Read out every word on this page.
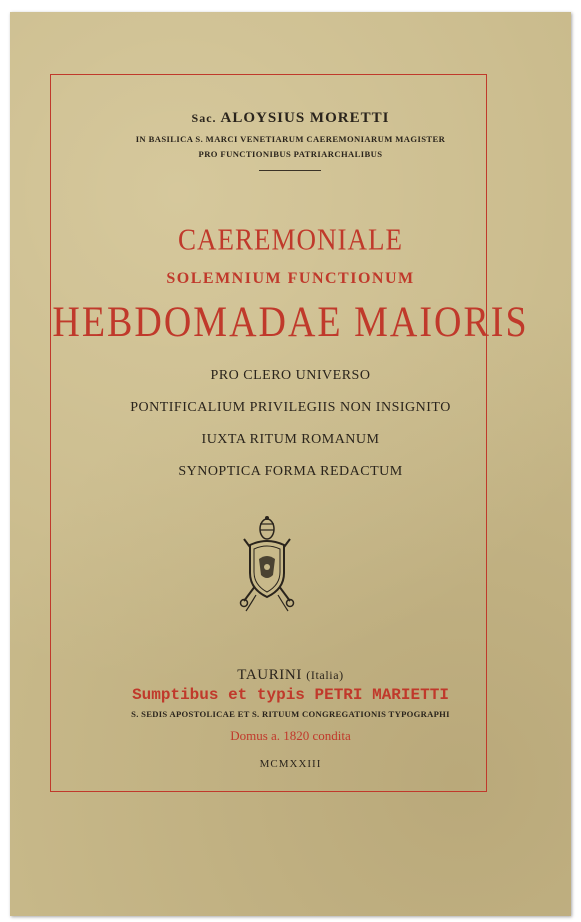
Sac. ALOYSIUS MORETTI
IN BASILICA S. MARCI VENETIARUM CAEREMONIARUM MAGISTER
PRO FUNCTIONIBUS PATRIARCHALIBUS
CAEREMONIALE
SOLEMNIUM FUNCTIONUM
HEBDOMADAE MAIORIS
PRO CLERO UNIVERSO
PONTIFICALIUM PRIVILEGIIS NON INSIGNITO
IUXTA RITUM ROMANUM
SYNOPTICA FORMA REDACTUM
TAURINI (Italia)
Sumptibus et typis PETRI MARIETTI
S. SEDIS APOSTOLICAE ET S. RITUUM CONGREGATIONIS TYPOGRAPHI
Domus a. 1820 condita
MCMXXIII
